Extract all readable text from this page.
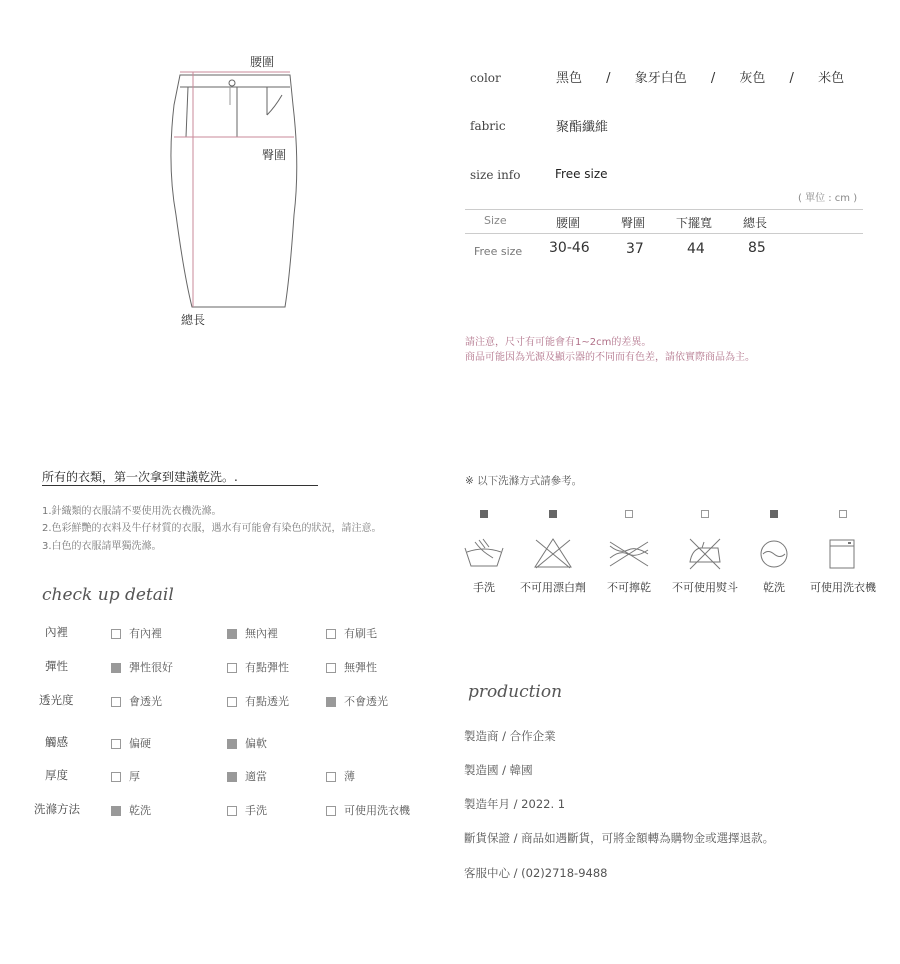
腰圍
臀圍
總長
color	黑色 / 象牙白色 / 灰色 / 米色
fabric	聚酯纖維
size info	Free size
( 單位 : cm )
Size	腰圍	臀圍	下擺寬	總長
Free size 30-46	37	44	85
請注意，尺寸有可能會有1~2cm的差異。
商品可能因為光源及顯示器的不同而有色差，請依實際商品為主。
所有的衣類，第一次拿到建議乾洗。.
1.針織類的衣服請不要使用洗衣機洗滌。
2.色彩鮮艷的衣料及牛仔材質的衣服，遇水有可能會有染色的狀況，請注意。
3.白色的衣服請單獨洗滌。
check up detail
內裡	有內裡	無內裡	有刷毛
彈性	彈性很好	有點彈性	無彈性
透光度	會透光	有點透光	不會透光
觸感	偏硬	偏軟
厚度	厚	適當	薄
洗滌方法	乾洗	手洗	可使用洗衣機
※ 以下洗滌方式請參考。
手洗 不可用漂白劑 不可擰乾 不可使用熨斗 乾洗 可使用洗衣機
production
製造商 / 合作企業
製造國 / 韓國
製造年月 / 2022. 1
斷貨保證 / 商品如遇斷貨，可將金額轉為購物金或選擇退款。
客服中心 / (02)2718-9488
